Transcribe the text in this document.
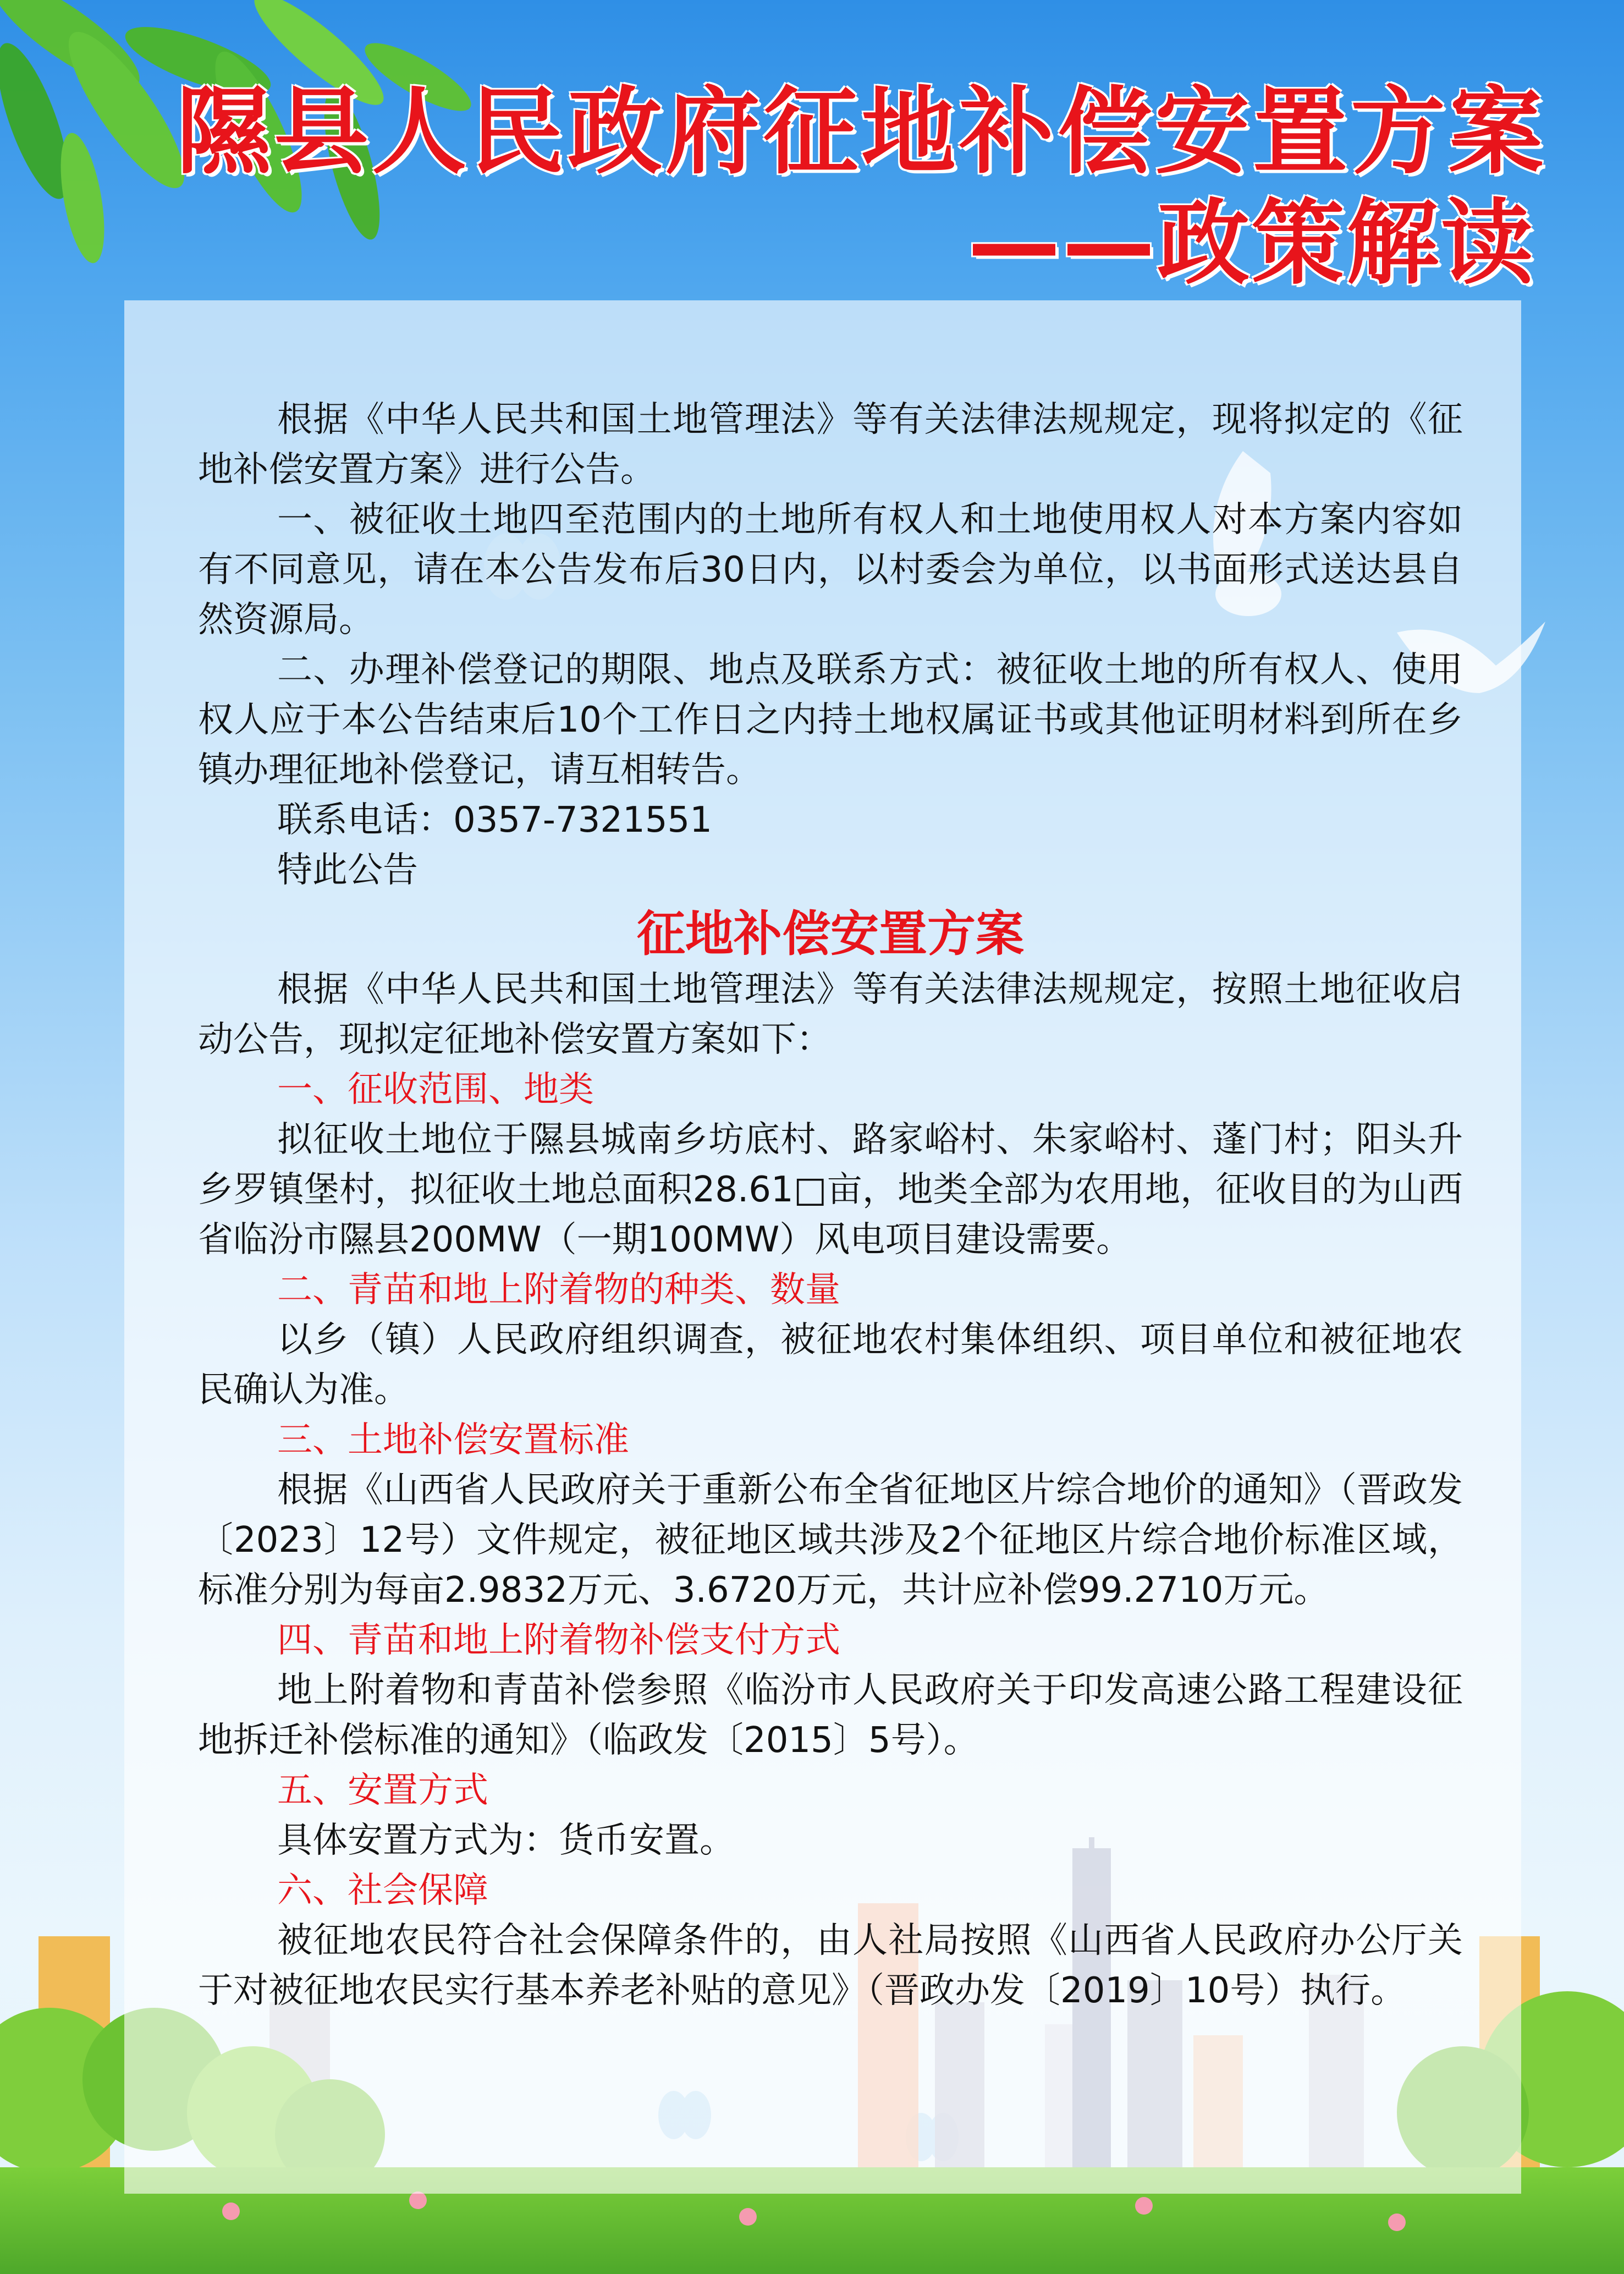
隰县人民政府征地补偿安置方案
——政策解读

根据《中华人民共和国土地管理法》等有关法律法规规定，现将拟定的《征地补偿安置方案》进行公告。

一、被征收土地四至范围内的土地所有权人和土地使用权人对本方案内容如有不同意见，请在本公告发布后30日内，以村委会为单位，以书面形式送达县自然资源局。

二、办理补偿登记的期限、地点及联系方式：被征收土地的所有权人、使用权人应于本公告结束后10个工作日之内持土地权属证书或其他证明材料到所在乡镇办理征地补偿登记，请互相转告。

联系电话：0357-7321551

特此公告

征地补偿安置方案

根据《中华人民共和国土地管理法》等有关法律法规规定，按照土地征收启动公告，现拟定征地补偿安置方案如下：

一、征收范围、地类

拟征收土地位于隰县城南乡坊底村、路家峪村、朱家峪村、蓬门村；阳头升乡罗镇堡村，拟征收土地总面积28.61□亩，地类全部为农用地，征收目的为山西省临汾市隰县200MW（一期100MW）风电项目建设需要。

二、青苗和地上附着物的种类、数量

以乡（镇）人民政府组织调查，被征地农村集体组织、项目单位和被征地农民确认为准。

三、土地补偿安置标准

根据《山西省人民政府关于重新公布全省征地区片综合地价的通知》（晋政发〔2023〕12号）文件规定，被征地区域共涉及2个征地区片综合地价标准区域，标准分别为每亩2.9832万元、3.6720万元，共计应补偿99.2710万元。

四、青苗和地上附着物补偿支付方式

地上附着物和青苗补偿参照《临汾市人民政府关于印发高速公路工程建设征地拆迁补偿标准的通知》（临政发〔2015〕5号）。

五、安置方式

具体安置方式为：货币安置。

六、社会保障

被征地农民符合社会保障条件的，由人社局按照《山西省人民政府办公厅关于对被征地农民实行基本养老补贴的意见》（晋政办发〔2019〕10号）执行。
